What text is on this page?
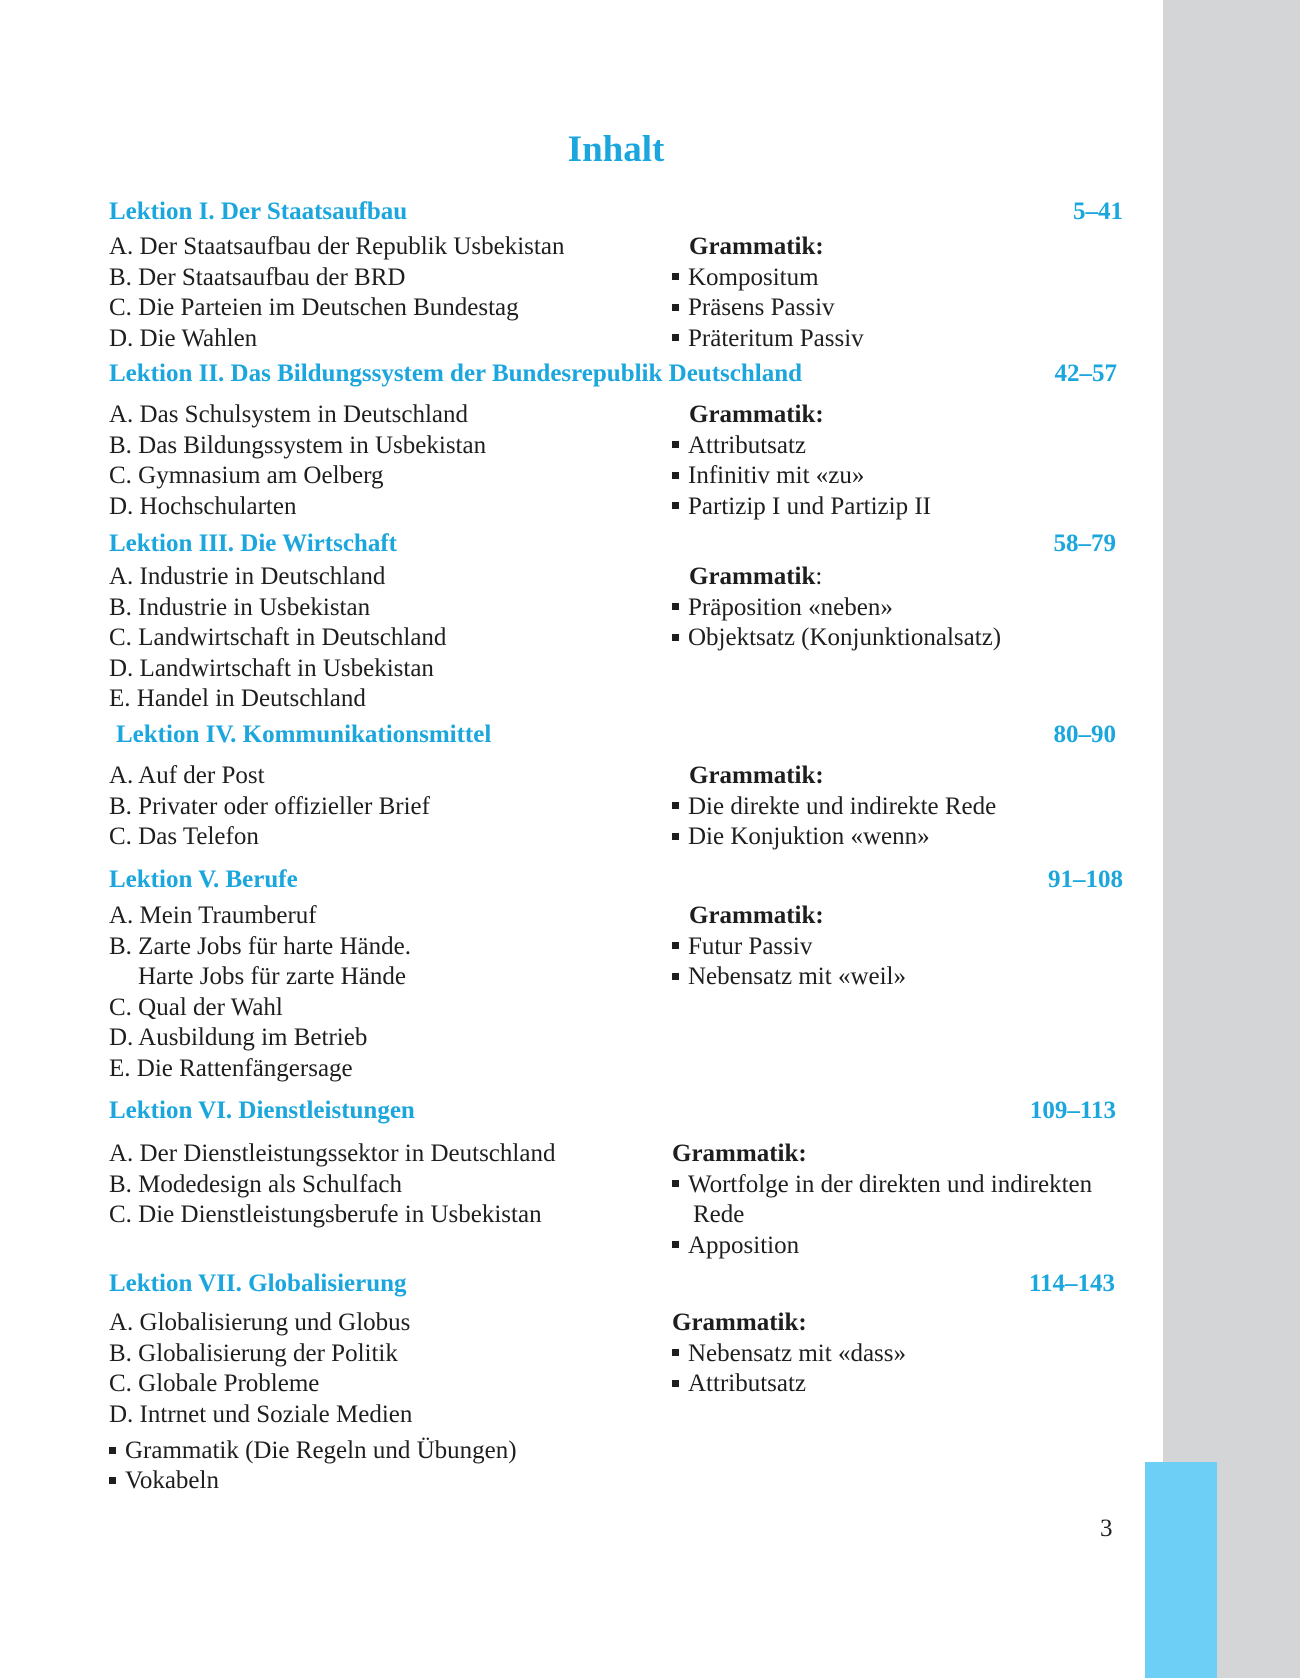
Inhalt
Lektion I. Der Staatsaufbau	5–41
A. Der Staatsaufbau der Republik Usbekistan
B. Der Staatsaufbau der BRD
C. Die Parteien im Deutschen Bundestag
D. Die Wahlen
Grammatik:
Kompositum
Präsens Passiv
Präteritum Passiv
Lektion II. Das Bildungssystem der Bundesrepublik Deutschland	42–57
A. Das Schulsystem in Deutschland
B. Das Bildungssystem in Usbekistan
C. Gymnasium am Oelberg
D. Hochschularten
Grammatik:
Attributsatz
Infinitiv mit «zu»
Partizip I und Partizip II
Lektion III. Die Wirtschaft	58–79
A. Industrie in Deutschland
B. Industrie in Usbekistan
C. Landwirtschaft in Deutschland
D. Landwirtschaft in Usbekistan
E. Handel in Deutschland
Grammatik:
Präposition «neben»
Objektsatz (Konjunktionalsatz)
Lektion IV. Kommunikationsmittel	80–90
A. Auf der Post
B. Privater oder offizieller Brief
C. Das Telefon
Grammatik:
Die direkte und indirekte Rede
Die Konjuktion «wenn»
Lektion V. Berufe	91–108
A. Mein Traumberuf
B. Zarte Jobs für harte Hände.
Harte Jobs für zarte Hände
C. Qual der Wahl
D. Ausbildung im Betrieb
E. Die Rattenfängersage
Grammatik:
Futur Passiv
Nebensatz mit «weil»
Lektion VI. Dienstleistungen	109–113
A. Der Dienstleistungssektor in Deutschland
B. Modedesign als Schulfach
C. Die Dienstleistungsberufe in Usbekistan
Grammatik:
Wortfolge in der direkten und indirekten
Rede
Apposition
Lektion VII. Globalisierung	114–143
A. Globalisierung und Globus
B. Globalisierung der Politik
C. Globale Probleme
D. Intrnet und Soziale Medien
Grammatik:
Nebensatz mit «dass»
Attributsatz
Grammatik (Die Regeln und Übungen)
Vokabeln
3
